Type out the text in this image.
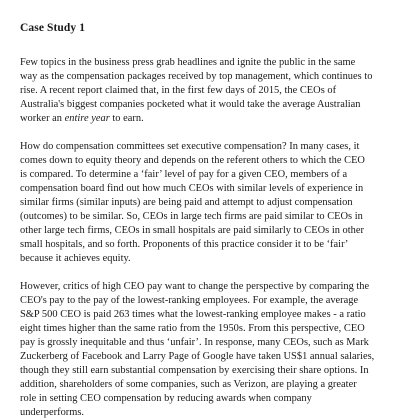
Case Study 1
Few topics in the business press grab headlines and ignite the public in the same
way as the compensation packages received by top management, which continues to
rise. A recent report claimed that, in the first few days of 2015, the CEOs of
Australia's biggest companies pocketed what it would take the average Australian
worker an entire year to earn.
How do compensation committees set executive compensation? In many cases, it
comes down to equity theory and depends on the referent others to which the CEO
is compared. To determine a ‘fair’ level of pay for a given CEO, members of a
compensation board find out how much CEOs with similar levels of experience in
similar firms (similar inputs) are being paid and attempt to adjust compensation
(outcomes) to be similar. So, CEOs in large tech firms are paid similar to CEOs in
other large tech firms, CEOs in small hospitals are paid similarly to CEOs in other
small hospitals, and so forth. Proponents of this practice consider it to be ‘fair’
because it achieves equity.
However, critics of high CEO pay want to change the perspective by comparing the
CEO's pay to the pay of the lowest-ranking employees. For example, the average
S&P 500 CEO is paid 263 times what the lowest-ranking employee makes - a ratio
eight times higher than the same ratio from the 1950s. From this perspective, CEO
pay is grossly inequitable and thus ‘unfair’. In response, many CEOs, such as Mark
Zuckerberg of Facebook and Larry Page of Google have taken US$1 annual salaries,
though they still earn substantial compensation by exercising their share options. In
addition, shareholders of some companies, such as Verizon, are playing a greater
role in setting CEO compensation by reducing awards when company
underperforms.
